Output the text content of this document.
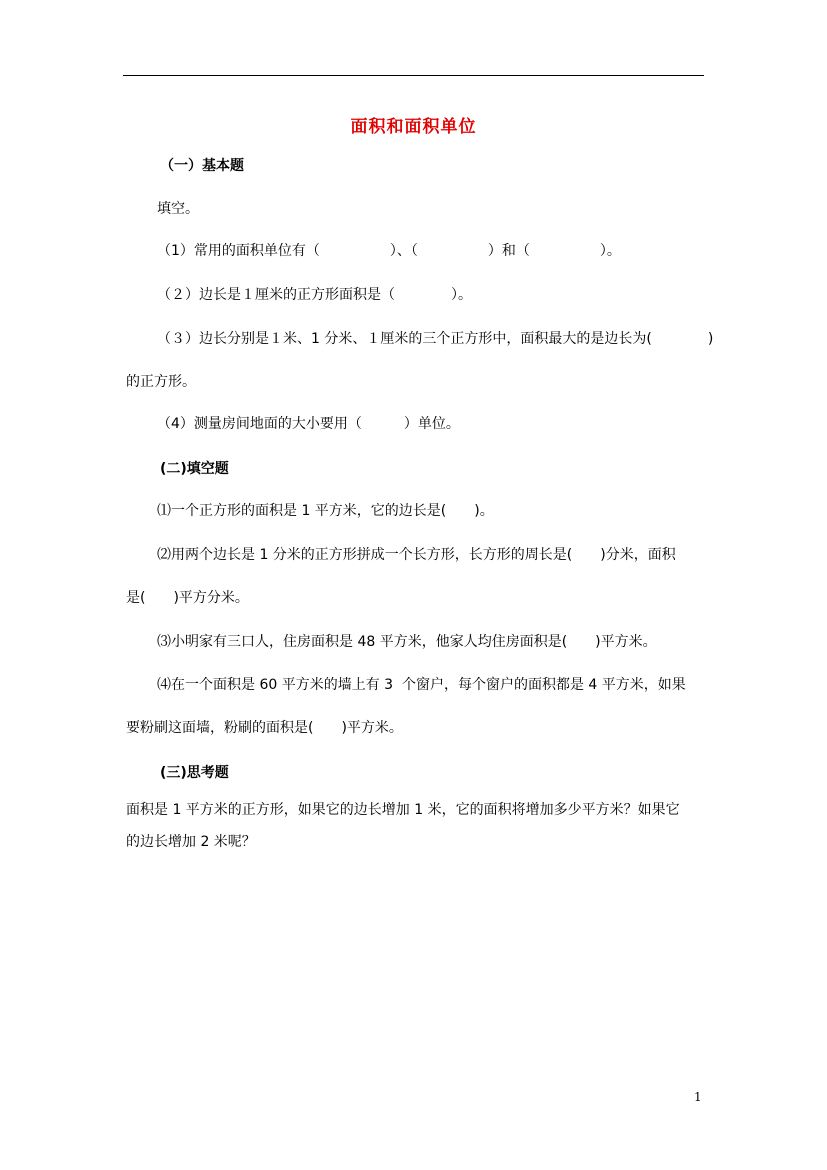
面积和面积单位
（一）基本题
填空。
（1）常用的面积单位有（　　　　　）、（　　　　　）和（　　　　　）。
（２）边长是１厘米的正方形面积是（　　　　）。
（３）边长分别是１米、1 分米、１厘米的三个正方形中，面积最大的是边长为(　　　　)
的正方形。
（4）测量房间地面的大小要用（　　　）单位。
(二)填空题
⑴一个正方形的面积是 1 平方米，它的边长是(　　)。
⑵用两个边长是 1 分米的正方形拼成一个长方形，长方形的周长是(　　)分米，面积
是(　　)平方分米。
⑶小明家有三口人，住房面积是 48 平方米，他家人均住房面积是(　　)平方米。
⑷在一个面积是 60 平方米的墙上有 3  个窗户，每个窗户的面积都是 4 平方米，如果
要粉刷这面墙，粉刷的面积是(　　)平方米。
(三)思考题
面积是 1 平方米的正方形，如果它的边长增加 1 米，它的面积将增加多少平方米？如果它
的边长增加 2 米呢？
1
